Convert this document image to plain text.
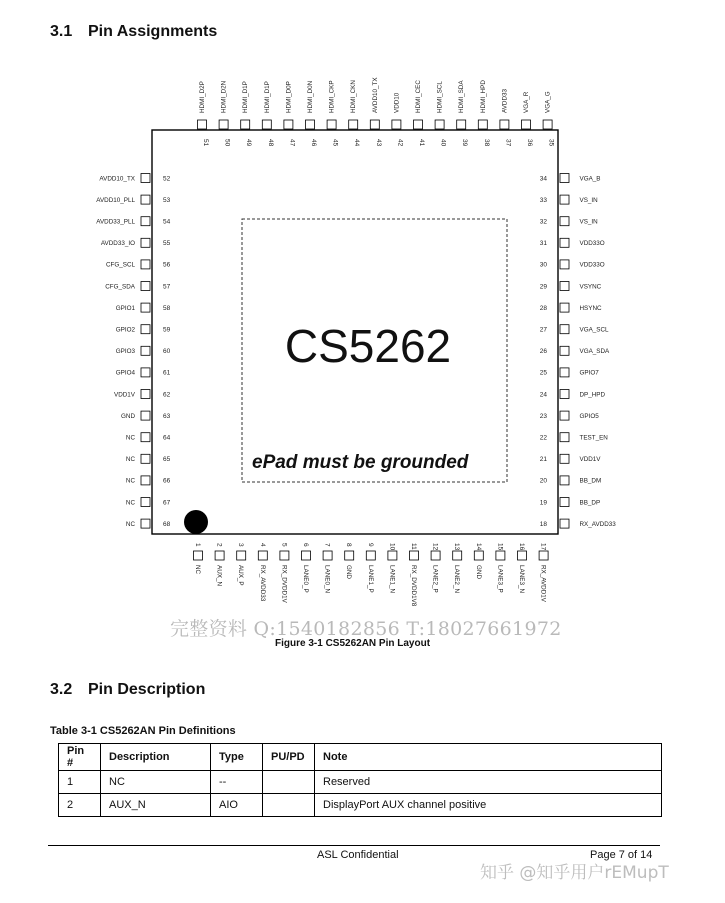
3.1 Pin Assignments
CS5262
ePad must be grounded
HDMI_D2P
51
HDMI_D2N
50
HDMI_D1P
49
HDMI_D1P
48
HDMI_D0P
47
HDMI_D0N
46
HDMI_CKP
45
HDMI_CKN
44
AVDD10_TX
43
VDD10
42
HDMI_CEC
41
HDMI_SCL
40
HDMI_SDA
39
HDMI_HPD
38
AVDD33
37
VGA_R
36
VGA_G
35
AVDD10_TX	52
AVDD10_PLL	53
AVDD33_PLL	54
AVDD33_IO	55
CFG_SCL	56
CFG_SDA	57
GPIO1	58
GPIO2	59
GPIO3	60
GPIO4	61
VDD1V	62
GND	63
NC	64
NC	65
NC	66
NC	67
NC	68
34	VGA_B
33	VS_IN
32	VS_IN
31	VDD33O
30	VDD33O
29	VSYNC
28	HSYNC
27	VGA_SCL
26	VGA_SDA
25	GPIO7
24	DP_HPD
23	GPIO5
22	TEST_EN
21	VDD1V
20	BB_DM
19	BB_DP
18	RX_AVDD33
1
NC
2
AUX_N
3
AUX_P
4
RX_AVDD33
5
RX_DVDD1V
6
LANE0_P
7
LANE0_N
8
GND
9
LANE1_P
10
LANE1_N
11
RX_DVDD1V8
12
LANE2_P
13
LANE2_N
14
GND
15
LANE3_P
16
LANE3_N
17
RX_AVDD1V
完整资料 Q:1540182856 T:18027661972
Figure 3-1 CS5262AN Pin Layout
3.2 Pin Description
Table 3-1 CS5262AN Pin Definitions
Pin #	Description	Type	PU/PD	Note
1	NC	--		Reserved
2	AUX_N	AIO		DisplayPort AUX channel positive
ASL Confidential	Page 7 of 14
知乎 @知乎用户rEMupT
